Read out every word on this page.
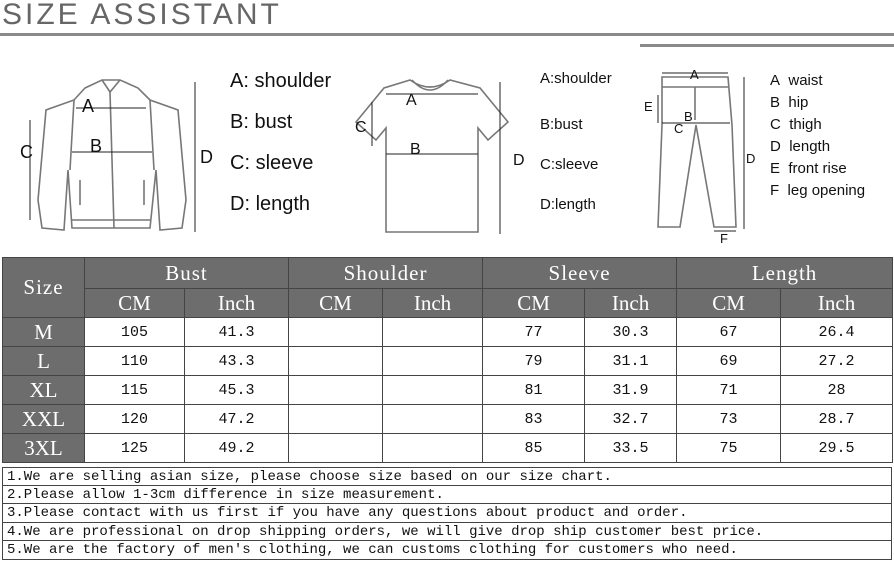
SIZE ASSISTANT
A
B
C	D
A: shoulder
B: bust
C: sleeve
D: length
A
B
C
D
A:shoulder
B:bust
C:sleeve
D:length
A
B
C
D
E
F
A waist
B hip
C thigh
D length
E front rise
F leg opening
Size	Bust		Shoulder		Sleeve		Length	
	CM	Inch	CM	Inch	CM	Inch	CM	Inch
M	105	41.3			77	30.3	67	26.4
L	110	43.3			79	31.1	69	27.2
XL	115	45.3			81	31.9	71	28
XXL	120	47.2			83	32.7	73	28.7
3XL	125	49.2			85	33.5	75	29.5
1.We are selling asian size, please choose size based on our size chart.
2.Please allow 1-3cm difference in size measurement.
3.Please contact with us first if you have any questions about product and order.
4.We are professional on drop shipping orders, we will give drop ship customer best price.
5.We are the factory of men's clothing, we can customs clothing for customers who need.
